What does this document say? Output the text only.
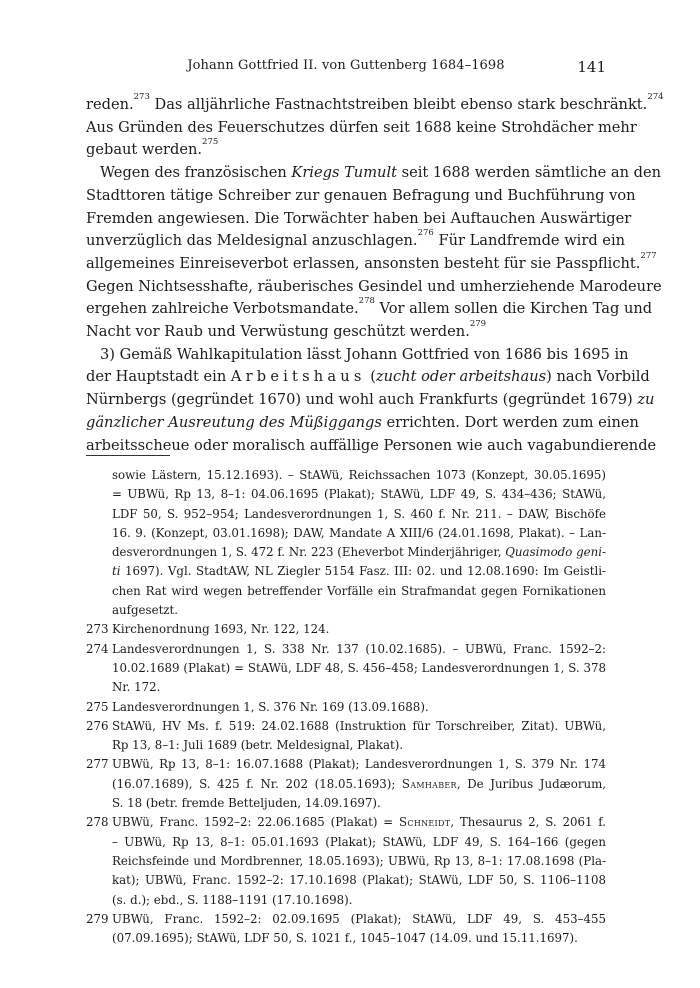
Johann Gottfried II. von Guttenberg 1684–1698	141
reden.$^{273}$ Das alljährliche Fastnachtstreiben bleibt ebenso stark beschränkt.$^{274}$
Aus Gründen des Feuerschutzes dürfen seit 1688 keine Strohdächer mehr
gebaut werden.$^{275}$
Wegen des französischen Kriegs Tumult seit 1688 werden sämtliche an den
Stadttoren tätige Schreiber zur genauen Befragung und Buchführung von
Fremden angewiesen. Die Torwächter haben bei Auftauchen Auswärtiger
unverzüglich das Meldesignal anzuschlagen.$^{276}$ Für Landfremde wird ein
allgemeines Einreiseverbot erlassen, ansonsten besteht für sie Passpflicht.$^{277}$
Gegen Nichtsesshafte, räuberisches Gesindel und umherziehende Marodeure
ergehen zahlreiche Verbotsmandate.$^{278}$ Vor allem sollen die Kirchen Tag und
Nacht vor Raub und Verwüstung geschützt werden.$^{279}$
3) Gemäß Wahlkapitulation lässt Johann Gottfried von 1686 bis 1695 in
der Hauptstadt ein Arbeitshaus (zucht oder arbeitshaus) nach Vorbild
Nürnbergs (gegründet 1670) und wohl auch Frankfurts (gegründet 1679) zu
gänzlicher Ausreutung des Müßiggangs errichten. Dort werden zum einen
arbeitsscheue oder moralisch auffällige Personen wie auch vagabundierende
sowie Lästern, 15.12.1693). – StAWü, Reichssachen 1073 (Konzept, 30.05.1695)
= UBWü, Rp 13, 8–1: 04.06.1695 (Plakat); StAWü, LDF 49, S. 434–436; StAWü,
LDF 50, S. 952–954; Landesverordnungen 1, S. 460 f. Nr. 211. – DAW, Bischöfe
16. 9. (Konzept, 03.01.1698); DAW, Mandate A XIII/6 (24.01.1698, Plakat). – Lan-
desverordnungen 1, S. 472 f. Nr. 223 (Eheverbot Minderjähriger, Quasimodo geni-
ti 1697). Vgl. StadtAW, NL Ziegler 5154 Fasz. III: 02. und 12.08.1690: Im Geistli-
chen Rat wird wegen betreffender Vorfälle ein Strafmandat gegen Fornikationen
aufgesetzt.
273 Kirchenordnung 1693, Nr. 122, 124.
274 Landesverordnungen 1, S. 338 Nr. 137 (10.02.1685). – UBWü, Franc. 1592–2:
10.02.1689 (Plakat) = StAWü, LDF 48, S. 456–458; Landesverordnungen 1, S. 378
Nr. 172.
275 Landesverordnungen 1, S. 376 Nr. 169 (13.09.1688).
276 StAWü, HV Ms. f. 519: 24.02.1688 (Instruktion für Torschreiber, Zitat). UBWü,
Rp 13, 8–1: Juli 1689 (betr. Meldesignal, Plakat).
277 UBWü, Rp 13, 8–1: 16.07.1688 (Plakat); Landesverordnungen 1, S. 379 Nr. 174
(16.07.1689), S. 425 f. Nr. 202 (18.05.1693); Samhaber, De Juribus Judæorum,
S. 18 (betr. fremde Betteljuden, 14.09.1697).
278 UBWü, Franc. 1592–2: 22.06.1685 (Plakat) = Schneidt, Thesaurus 2, S. 2061 f.
– UBWü, Rp 13, 8–1: 05.01.1693 (Plakat); StAWü, LDF 49, S. 164–166 (gegen
Reichsfeinde und Mordbrenner, 18.05.1693); UBWü, Rp 13, 8–1: 17.08.1698 (Pla-
kat); UBWü, Franc. 1592–2: 17.10.1698 (Plakat); StAWü, LDF 50, S. 1106–1108
(s. d.); ebd., S. 1188–1191 (17.10.1698).
279 UBWü, Franc. 1592–2: 02.09.1695 (Plakat); StAWü, LDF 49, S. 453–455
(07.09.1695); StAWü, LDF 50, S. 1021 f., 1045–1047 (14.09. und 15.11.1697).
